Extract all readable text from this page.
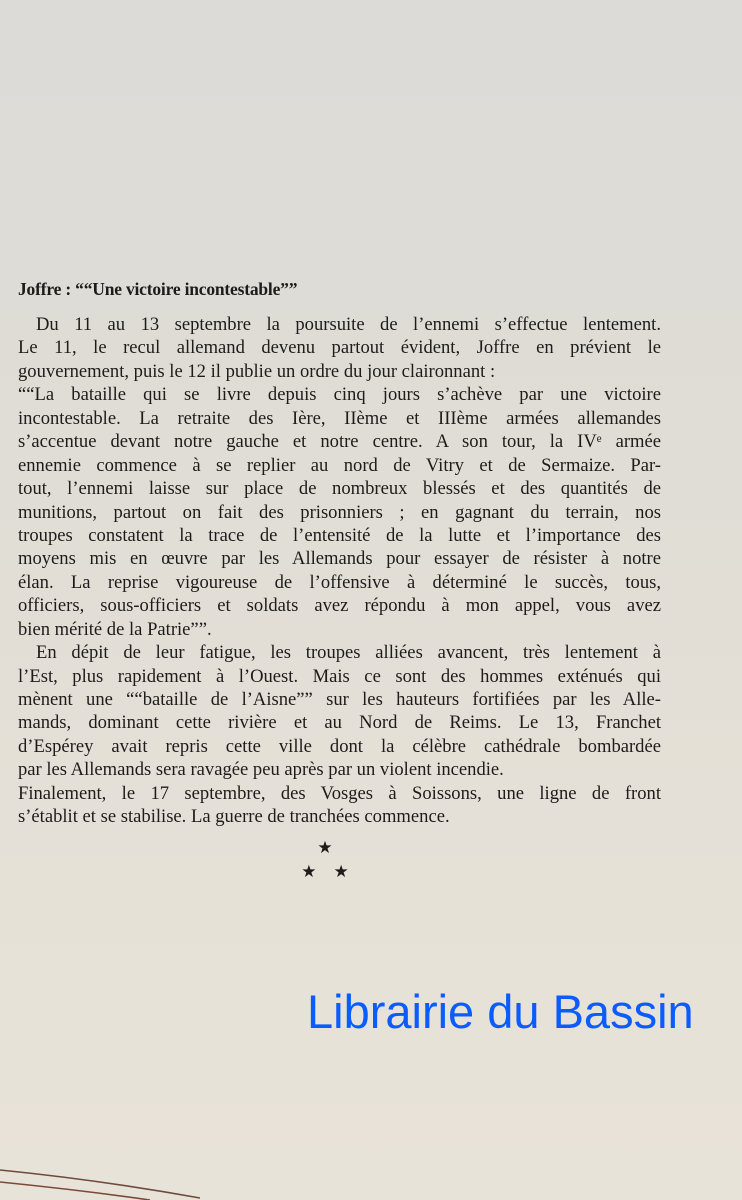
Joffre : ““Une victoire incontestable””
Du 11 au 13 septembre la poursuite de l’ennemi s’effectue lentement.
Le 11, le recul allemand devenu partout évident, Joffre en prévient le
gouvernement, puis le 12 il publie un ordre du jour claironnant :
““La bataille qui se livre depuis cinq jours s’achève par une victoire
incontestable. La retraite des Ière, IIème et IIIème armées allemandes
s’accentue devant notre gauche et notre centre. A son tour, la IVᵉ armée
ennemie commence à se replier au nord de Vitry et de Sermaize. Par-
tout, l’ennemi laisse sur place de nombreux blessés et des quantités de
munitions, partout on fait des prisonniers ; en gagnant du terrain, nos
troupes constatent la trace de l’entensité de la lutte et l’importance des
moyens mis en œuvre par les Allemands pour essayer de résister à notre
élan. La reprise vigoureuse de l’offensive à déterminé le succès, tous,
officiers, sous-officiers et soldats avez répondu à mon appel, vous avez
bien mérité de la Patrie””.
En dépit de leur fatigue, les troupes alliées avancent, très lentement à
l’Est, plus rapidement à l’Ouest. Mais ce sont des hommes exténués qui
mènent une ““bataille de l’Aisne”” sur les hauteurs fortifiées par les Alle-
mands, dominant cette rivière et au Nord de Reims. Le 13, Franchet
d’Espérey avait repris cette ville dont la célèbre cathédrale bombardée
par les Allemands sera ravagée peu après par un violent incendie.
Finalement, le 17 septembre, des Vosges à Soissons, une ligne de front
s’établit et se stabilise. La guerre de tranchées commence.
★
★ ★
Librairie du Bassin
